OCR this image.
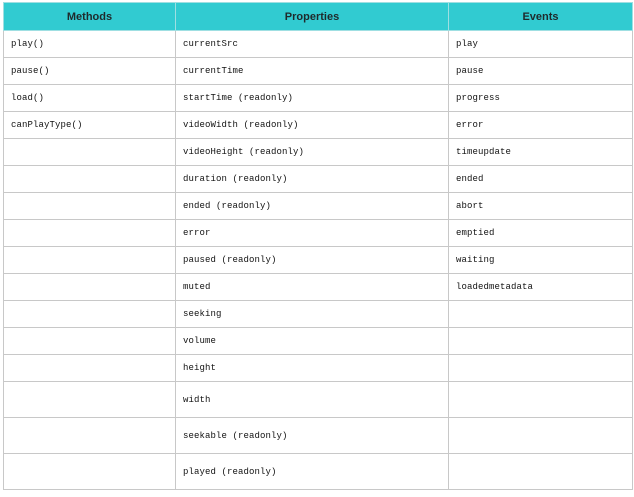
Methods	Properties	Events
play()	currentSrc	play
pause()	currentTime	pause
load()	startTime (readonly)	progress
canPlayType()	videoWidth (readonly)	error
	videoHeight (readonly)	timeupdate
	duration (readonly)	ended
	ended (readonly)	abort
	error	emptied
	paused (readonly)	waiting
	muted	loadedmetadata
	seeking	
	volume	
	height	
	width	
	seekable (readonly)	
	played (readonly)	
